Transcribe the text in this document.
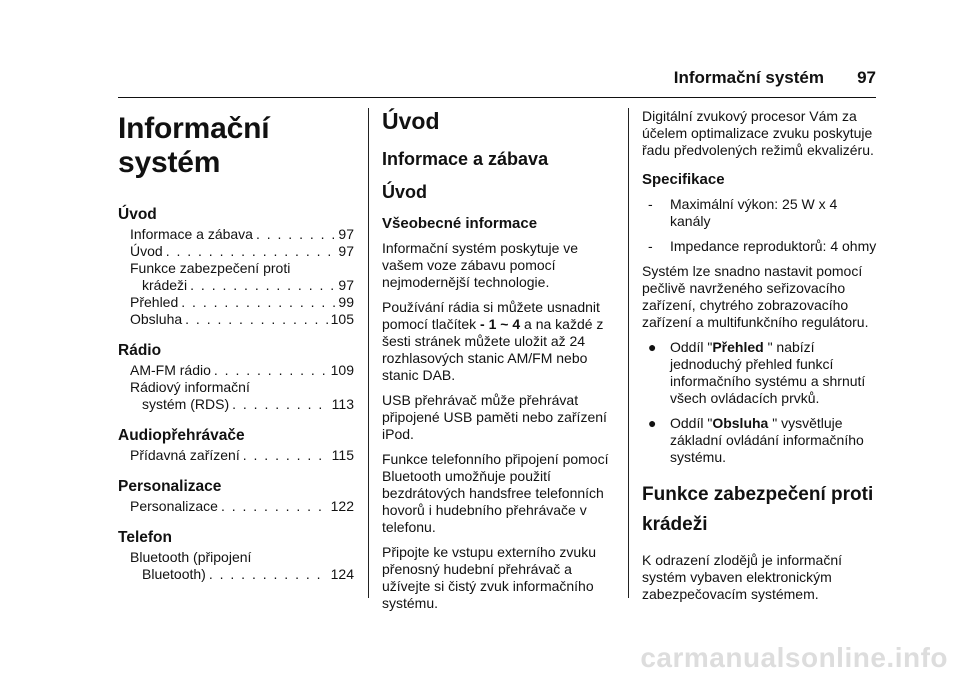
Informační systém 97
Informační systém
Úvod
Informace a zábava . . .	97
Úvod . . .	97
Funkce zabezpečení proti
krádeži . . .	97
Přehled . . .	99
Obsluha . . .	105
Rádio
AM-FM rádio . . .	109
Rádiový informační
systém (RDS) . . .	113
Audiopřehrávače
Přídavná zařízení . . .	115
Personalizace
Personalizace . . .	122
Telefon
Bluetooth (připojení
Bluetooth) . . .	124
Úvod
Informace a zábava
Úvod
Všeobecné informace

Informační systém poskytuje ve vašem voze zábavu pomocí nejmodernější technologie.

Používání rádia si můžete usnadnit pomocí tlačítek - 1 ~ 4 a na každé z šesti stránek můžete uložit až 24 rozhlasových stanic AM/FM nebo stanic DAB.

USB přehrávač může přehrávat připojené USB paměti nebo zařízení iPod.

Funkce telefonního připojení pomocí Bluetooth umožňuje použití bezdrátových handsfree telefonních hovorů i hudebního přehrávače v telefonu.

Připojte ke vstupu externího zvuku přenosný hudební přehrávač a užívejte si čistý zvuk informačního systému.

Digitální zvukový procesor Vám za účelem optimalizace zvuku poskytuje řadu předvolených režimů ekvalizéru.

Specifikace
-	Maximální výkon: 25 W x 4 kanály
-	Impedance reproduktorů: 4 ohmy

Systém lze snadno nastavit pomocí pečlivě navrženého seřizovacího zařízení, chytrého zobrazovacího zařízení a multifunkčního regulátoru.

● Oddíl "Přehled " nabízí jednoduchý přehled funkcí informačního systému a shrnutí všech ovládacích prvků.
● Oddíl "Obsluha " vysvětluje základní ovládání informačního systému.
Funkce zabezpečení proti krádeži

K odrazení zlodějů je informační systém vybaven elektronickým zabezpečovacím systémem.

carmanualsonline.info
